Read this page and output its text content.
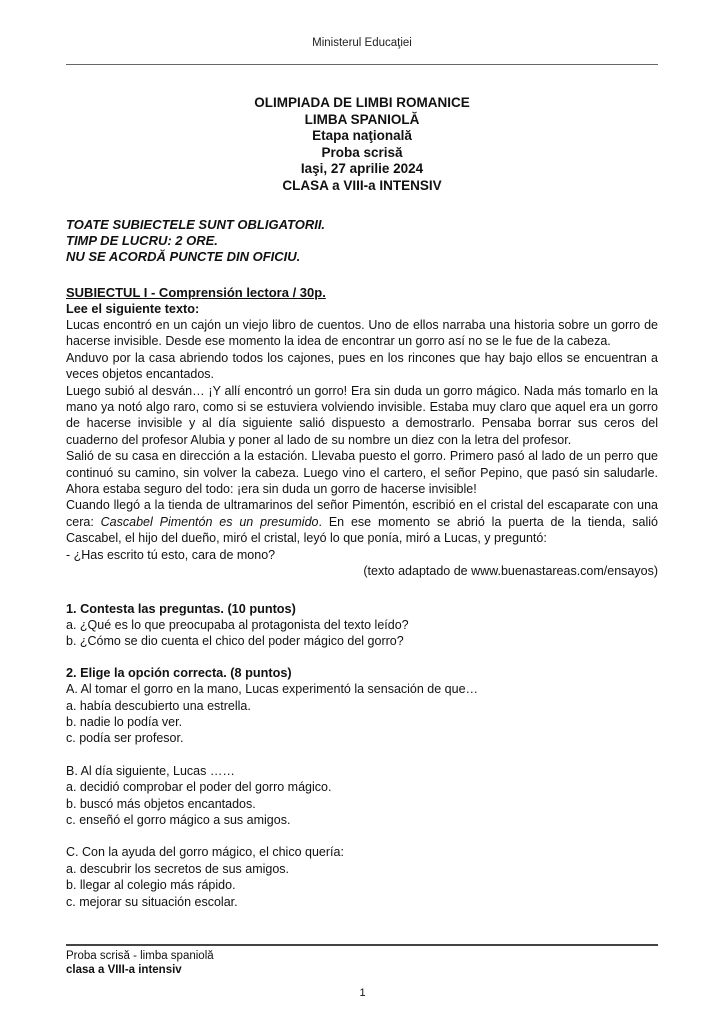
Ministerul Educaţiei
OLIMPIADA DE LIMBI ROMANICE
LIMBA SPANIOLĂ
Etapa naţională
Proba scrisă
Iaşi, 27 aprilie 2024
CLASA a VIII-a INTENSIV
TOATE SUBIECTELE SUNT OBLIGATORII.
TIMP DE LUCRU: 2 ORE.
NU SE ACORDĂ PUNCTE DIN OFICIU.
SUBIECTUL I - Comprensión lectora / 30p.
Lee el siguiente texto:

Lucas encontró en un cajón un viejo libro de cuentos. Uno de ellos narraba una historia sobre un gorro de hacerse invisible. Desde ese momento la idea de encontrar un gorro así no se le fue de la cabeza.

Anduvo por la casa abriendo todos los cajones, pues en los rincones que hay bajo ellos se encuentran a veces objetos encantados.

Luego subió al desván… ¡Y allí encontró un gorro! Era sin duda un gorro mágico. Nada más tomarlo en la mano ya notó algo raro, como si se estuviera volviendo invisible. Estaba muy claro que aquel era un gorro de hacerse invisible y al día siguiente salió dispuesto a demostrarlo. Pensaba borrar sus ceros del cuaderno del profesor Alubia y poner al lado de su nombre un diez con la letra del profesor.

Salió de su casa en dirección a la estación. Llevaba puesto el gorro. Primero pasó al lado de un perro que continuó su camino, sin volver la cabeza. Luego vino el cartero, el señor Pepino, que pasó sin saludarle. Ahora estaba seguro del todo: ¡era sin duda un gorro de hacerse invisible!

Cuando llegó a la tienda de ultramarinos del señor Pimentón, escribió en el cristal del escaparate con una cera: Cascabel Pimentón es un presumido. En ese momento se abrió la puerta de la tienda, salió Cascabel, el hijo del dueño, miró el cristal, leyó lo que ponía, miró a Lucas, y preguntó:

- ¿Has escrito tú esto, cara de mono?

(texto adaptado de www.buenastareas.com/ensayos)
1. Contesta las preguntas. (10 puntos)
a. ¿Qué es lo que preocupaba al protagonista del texto leído?
b. ¿Cómo se dio cuenta el chico del poder mágico del gorro?
2. Elige la opción correcta. (8 puntos)
A. Al tomar el gorro en la mano, Lucas experimentó la sensación de que…
a. había descubierto una estrella.
b. nadie lo podía ver.
c. podía ser profesor.
B. Al día siguiente, Lucas ……
a. decidió comprobar el poder del gorro mágico.
b. buscó más objetos encantados.
c. enseñó el gorro mágico a sus amigos.
C. Con la ayuda del gorro mágico, el chico quería:
a. descubrir los secretos de sus amigos.
b. llegar al colegio más rápido.
c. mejorar su situación escolar.
Proba scrisă - limba spaniolă
clasa a VIII-a intensiv
1
